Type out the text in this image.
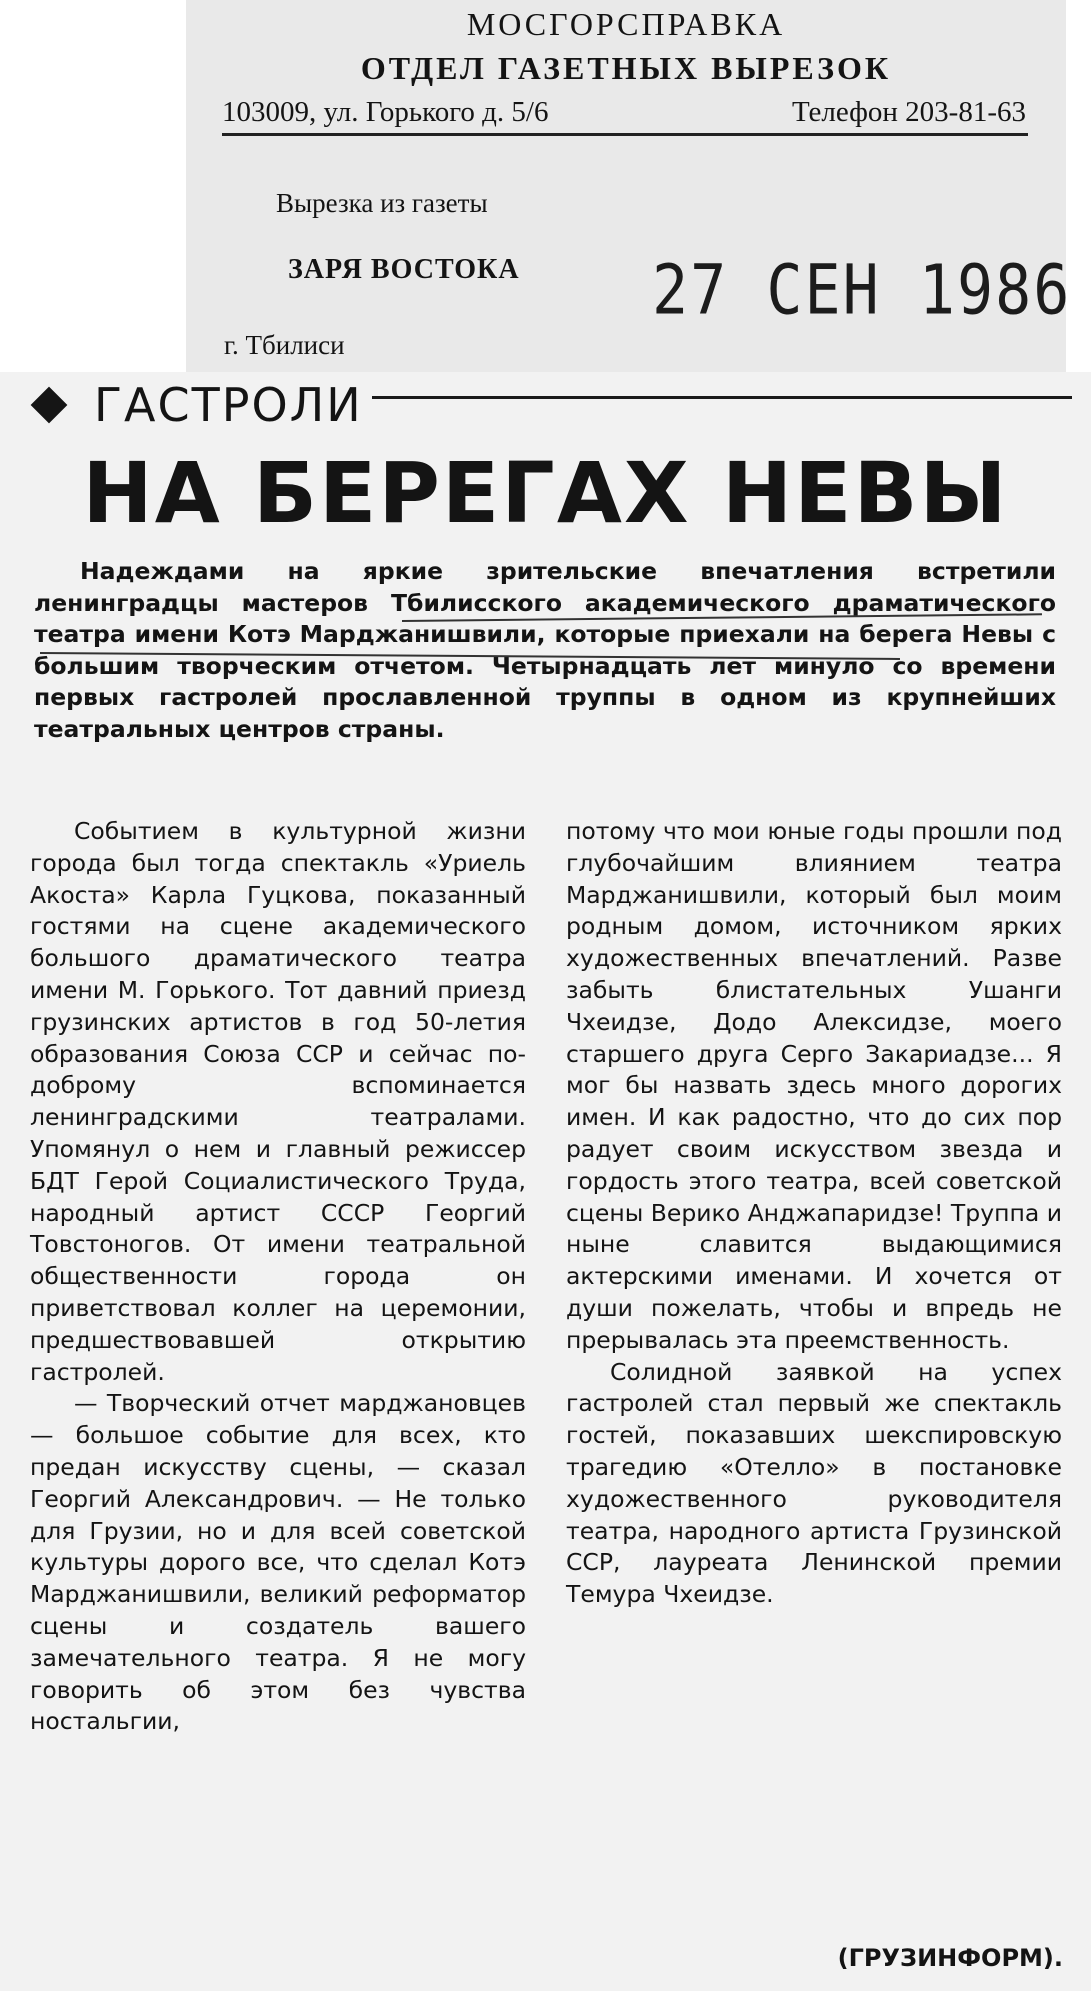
МОСГОРСПРАВКА
ОТДЕЛ ГАЗЕТНЫХ ВЫРЕЗОК
103009, ул. Горького д. 5/6	Телефон 203-81-63
Вырезка из газеты
ЗАРЯ ВОСТОКА
г. Тбилиси
27 СЕН 1986
ГАСТРОЛИ
НА БЕРЕГАХ НЕВЫ

Надеждами на яркие зрительские впечатления встретили ленинградцы мастеров Тбилисского академического драматического театра имени Котэ Марджанишвили, которые приехали на берега Невы с большим творческим отчетом. Четырнадцать лет минуло со времени первых гастролей прославленной труппы в одном из крупнейших театральных центров страны.

Событием в культурной жизни города был тогда спектакль «Уриель Акоста» Карла Гуцкова, показанный гостями на сцене академического большого драматического театра имени М. Горького. Тот давний приезд грузинских артистов в год 50-летия образования Союза ССР и сейчас по-доброму вспоминается ленинградскими театралами. Упомянул о нем и главный режиссер БДТ Герой Социалистического Труда, народный артист СССР Георгий Товстоногов. От имени театральной общественности города он приветствовал коллег на церемонии, предшествовавшей открытию гастролей.

— Творческий отчет марджановцев — большое событие для всех, кто предан искусству сцены, — сказал Георгий Александрович. — Не только для Грузии, но и для всей советской культуры дорого все, что сделал Котэ Марджанишвили, великий реформатор сцены и создатель вашего замечательного театра. Я не могу говорить об этом без чувства ностальгии,

потому что мои юные годы прошли под глубочайшим влиянием театра Марджанишвили, который был моим родным домом, источником ярких художественных впечатлений. Разве забыть блистательных Ушанги Чхеидзе, Додо Алексидзе, моего старшего друга Серго Закариадзе... Я мог бы назвать здесь много дорогих имен. И как радостно, что до сих пор радует своим искусством звезда и гордость этого театра, всей советской сцены Верико Анджапаридзе! Труппа и ныне славится выдающимися актерскими именами. И хочется от души пожелать, чтобы и впредь не прерывалась эта преемственность.

Солидной заявкой на успех гастролей стал первый же спектакль гостей, показавших шекспировскую трагедию «Отелло» в постановке художественного руководителя театра, народного артиста Грузинской ССР, лауреата Ленинской премии Темура Чхеидзе.

(ГРУЗИНФОРМ).
